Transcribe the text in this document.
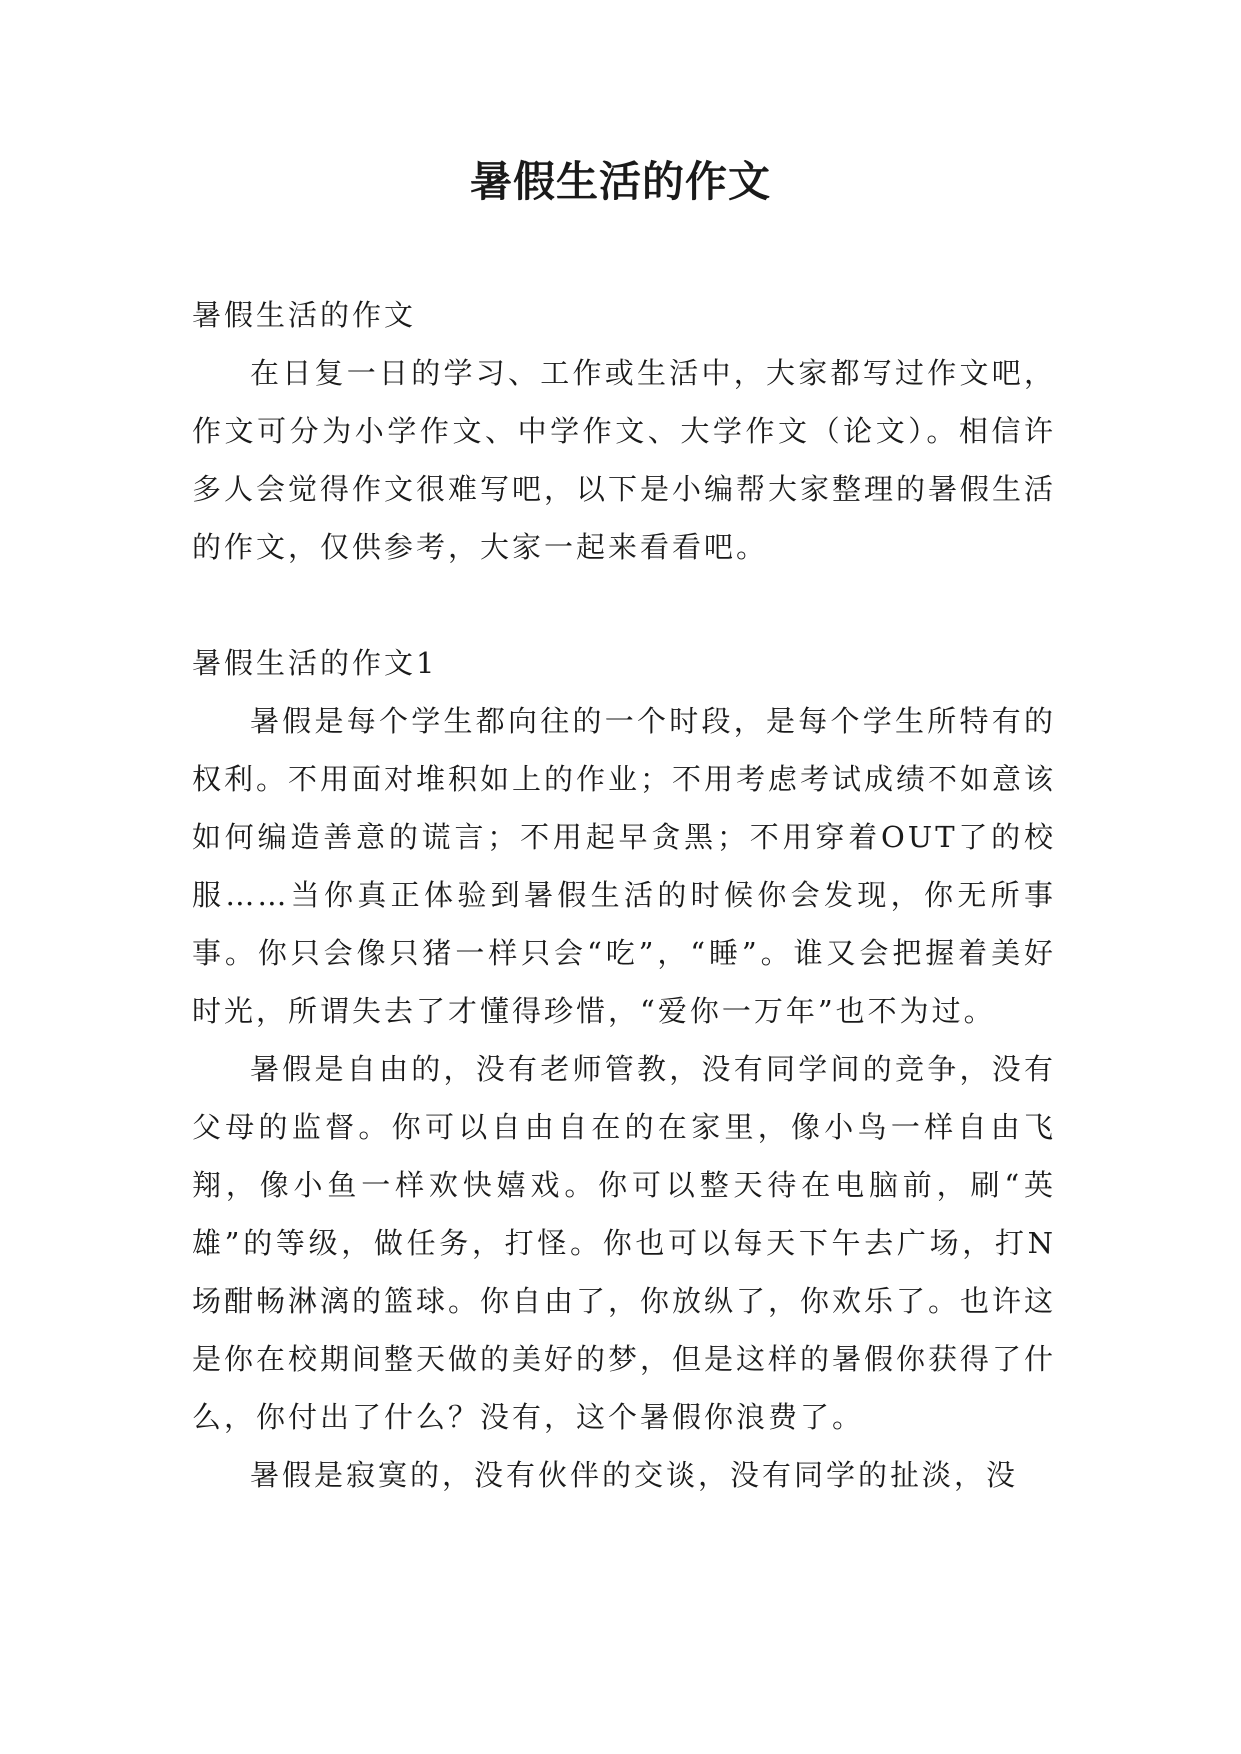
暑假生活的作文

暑假生活的作文

在日复一日的学习、工作或生活中，大家都写过作文吧，作文可分为小学作文、中学作文、大学作文（论文）。相信许多人会觉得作文很难写吧，以下是小编帮大家整理的暑假生活的作文，仅供参考，大家一起来看看吧。

暑假生活的作文1

暑假是每个学生都向往的一个时段，是每个学生所特有的权利。不用面对堆积如上的作业；不用考虑考试成绩不如意该如何编造善意的谎言；不用起早贪黑；不用穿着OUT了的校服……当你真正体验到暑假生活的时候你会发现，你无所事事。你只会像只猪一样只会“吃”，“睡”。谁又会把握着美好时光，所谓失去了才懂得珍惜，“爱你一万年”也不为过。

暑假是自由的，没有老师管教，没有同学间的竞争，没有父母的监督。你可以自由自在的在家里，像小鸟一样自由飞翔，像小鱼一样欢快嬉戏。你可以整天待在电脑前，刷“英雄”的等级，做任务，打怪。你也可以每天下午去广场，打N场酣畅淋漓的篮球。你自由了，你放纵了，你欢乐了。也许这是你在校期间整天做的美好的梦，但是这样的暑假你获得了什么，你付出了什么？没有，这个暑假你浪费了。

暑假是寂寞的，没有伙伴的交谈，没有同学的扯淡，没
